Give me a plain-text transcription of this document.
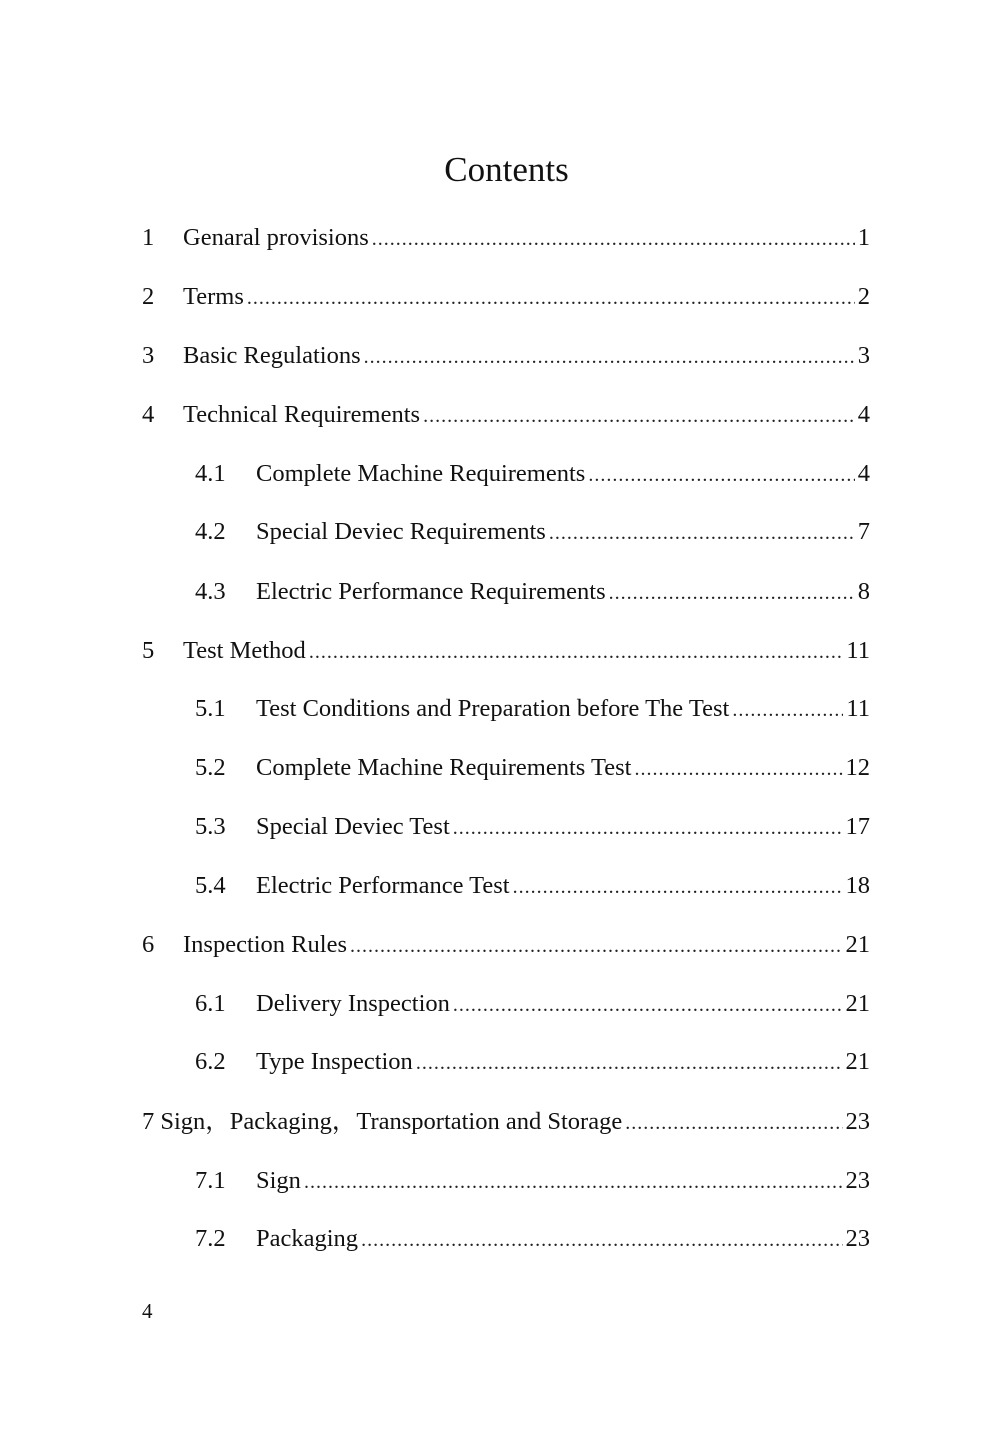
Contents
1	Genaral provisions .....	1
2	Terms .....	2
3	Basic Regulations .....	3
4	Technical Requirements .....	4
4.1	Complete Machine Requirements .....	4
4.2	Special Deviec Requirements .....	7
4.3	Electric Performance Requirements .....	8
5	Test Method .....	11
5.1	Test Conditions and Preparation before The Test .....	11
5.2	Complete Machine Requirements Test .....	12
5.3	Special Deviec Test .....	17
5.4	Electric Performance Test .....	18
6	Inspection Rules .....	21
6.1	Delivery Inspection .....	21
6.2	Type Inspection .....	21
7 Sign，Packaging，Transportation and Storage .....	23
7.1	Sign .....	23
7.2	Packaging .....	23
4
